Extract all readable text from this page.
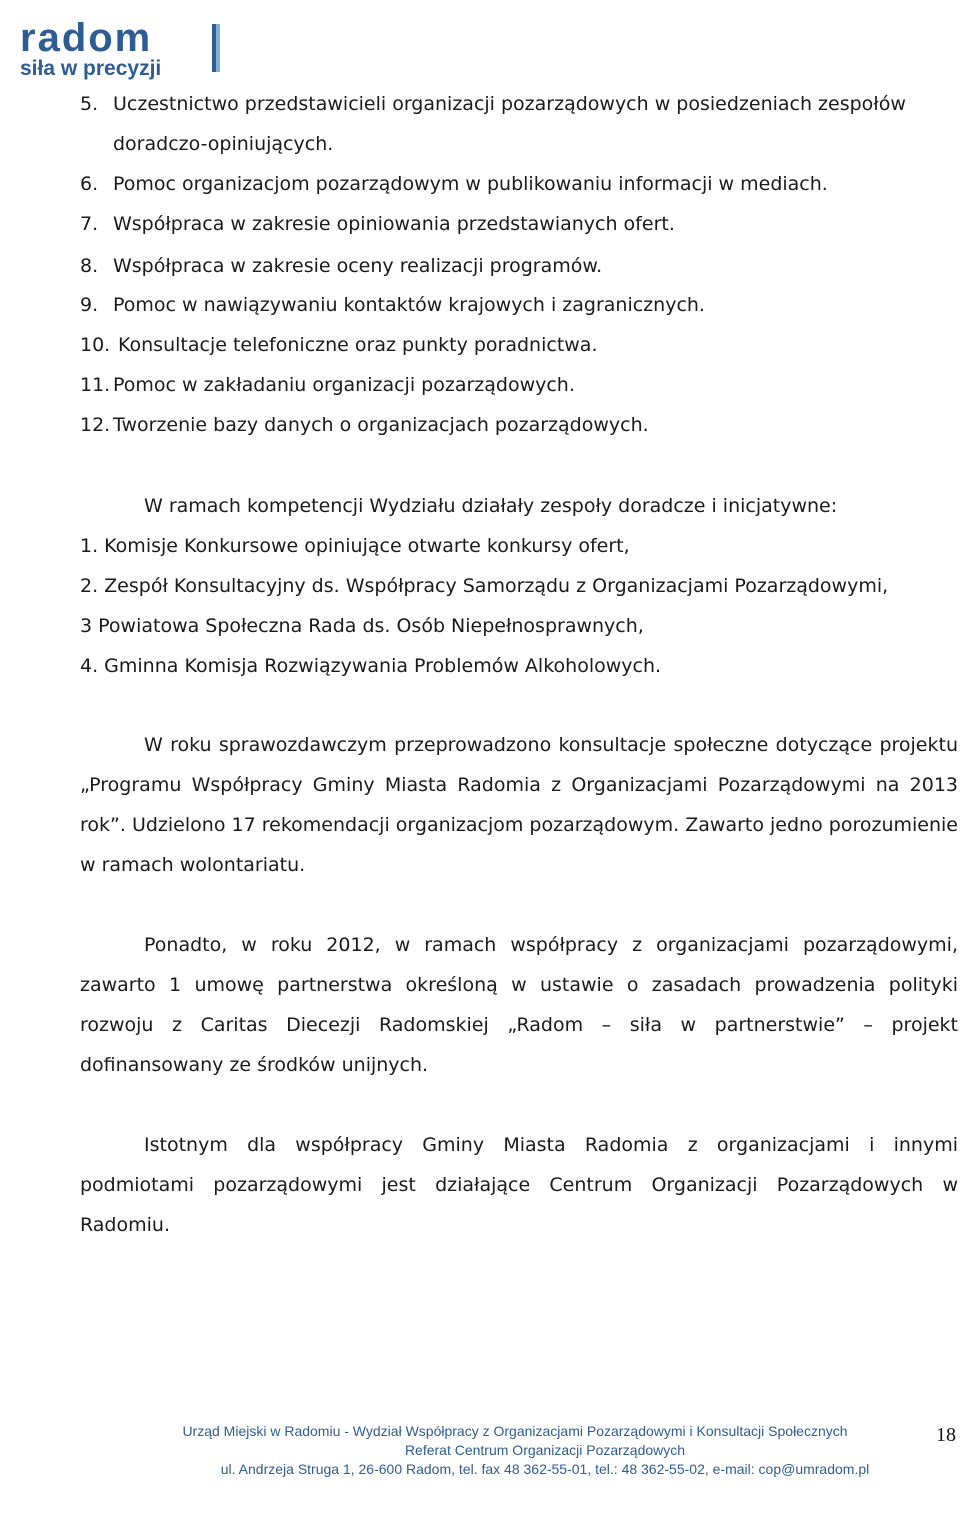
radom
siła w precyzji
5. Uczestnictwo przedstawicieli organizacji pozarządowych w posiedzeniach zespołów
doradczo-opiniujących.
6. Pomoc organizacjom pozarządowym w publikowaniu informacji w mediach.
7. Współpraca w zakresie opiniowania przedstawianych ofert.
8. Współpraca w zakresie oceny realizacji programów.
9. Pomoc w nawiązywaniu kontaktów krajowych i zagranicznych.
10. Konsultacje telefoniczne oraz punkty poradnictwa.
11. Pomoc w zakładaniu organizacji pozarządowych.
12. Tworzenie bazy danych o organizacjach pozarządowych.
W ramach kompetencji Wydziału działały zespoły doradcze i inicjatywne:
1. Komisje Konkursowe opiniujące otwarte konkursy ofert,
2. Zespół Konsultacyjny ds. Współpracy Samorządu z Organizacjami Pozarządowymi,
3 Powiatowa Społeczna Rada ds. Osób Niepełnosprawnych,
4. Gminna Komisja Rozwiązywania Problemów Alkoholowych.

W roku sprawozdawczym przeprowadzono konsultacje społeczne dotyczące projektu „Programu Współpracy Gminy Miasta Radomia z Organizacjami Pozarządowymi na 2013 rok”. Udzielono 17 rekomendacji organizacjom pozarządowym. Zawarto jedno porozumienie w ramach wolontariatu.

Ponadto, w roku 2012, w ramach współpracy z organizacjami pozarządowymi, zawarto 1 umowę partnerstwa określoną w ustawie o zasadach prowadzenia polityki rozwoju z Caritas Diecezji Radomskiej „Radom – siła w partnerstwie” – projekt dofinansowany ze środków unijnych.

Istotnym dla współpracy Gminy Miasta Radomia z organizacjami i innymi podmiotami pozarządowymi jest działające Centrum Organizacji Pozarządowych w Radomiu.

Urząd Miejski w Radomiu - Wydział Współpracy z Organizacjami Pozarządowymi i Konsultacji Społecznych
Referat Centrum Organizacji Pozarządowych
ul. Andrzeja Struga 1, 26-600 Radom, tel. fax 48 362-55-01, tel.: 48 362-55-02, e-mail: cop@umradom.pl
18
